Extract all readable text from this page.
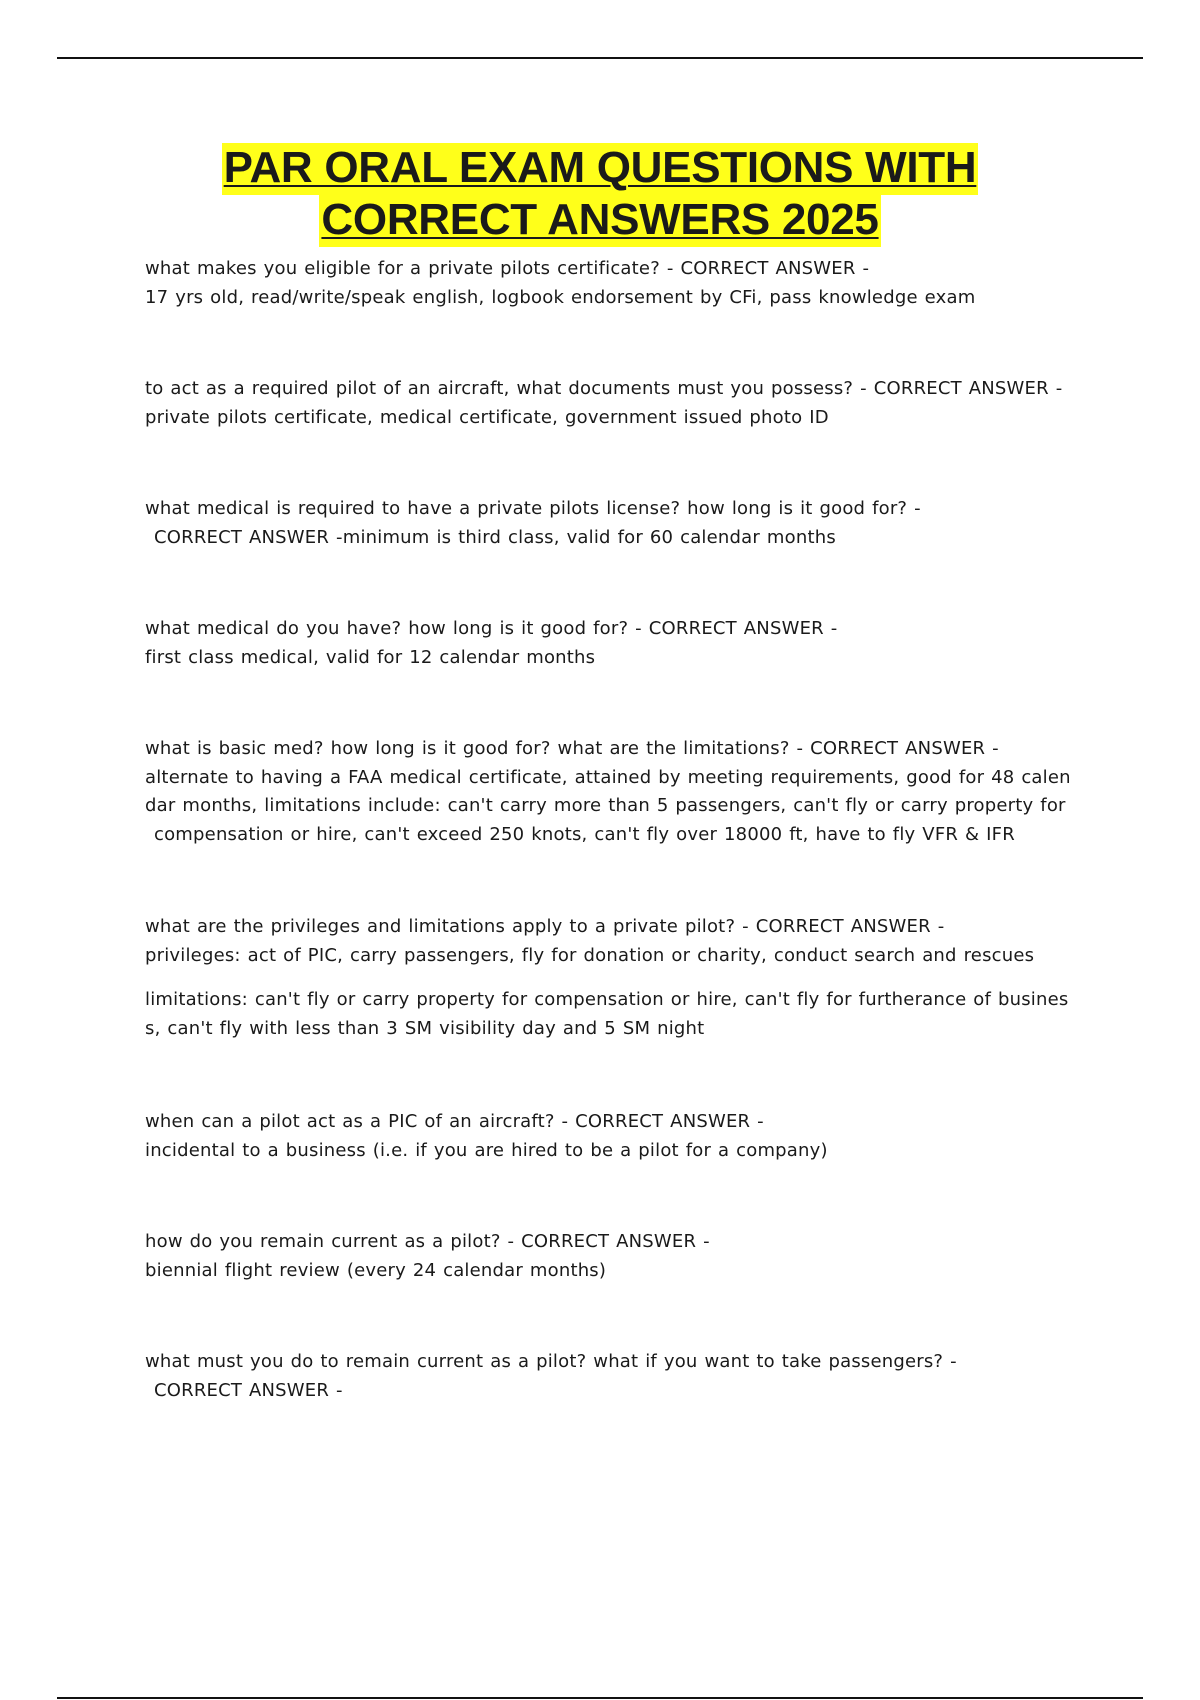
PAR ORAL EXAM QUESTIONS WITH
CORRECT ANSWERS 2025

what makes you eligible for a private pilots certificate? - CORRECT ANSWER -

17 yrs old, read/write/speak english, logbook endorsement by CFi, pass knowledge exam

to act as a required pilot of an aircraft, what documents must you possess? - CORRECT ANSWER -

private pilots certificate, medical certificate, government issued photo ID

what medical is required to have a private pilots license? how long is it good for? -

CORRECT ANSWER -minimum is third class, valid for 60 calendar months

what medical do you have? how long is it good for? - CORRECT ANSWER -

first class medical, valid for 12 calendar months

what is basic med? how long is it good for? what are the limitations? - CORRECT ANSWER -

alternate to having a FAA medical certificate, attained by meeting requirements, good for 48 calen

dar months, limitations include: can't carry more than 5 passengers, can't fly or carry property for

compensation or hire, can't exceed 250 knots, can't fly over 18000 ft, have to fly VFR & IFR

what are the privileges and limitations apply to a private pilot? - CORRECT ANSWER -

privileges: act of PIC, carry passengers, fly for donation or charity, conduct search and rescues

limitations: can't fly or carry property for compensation or hire, can't fly for furtherance of busines

s, can't fly with less than 3 SM visibility day and 5 SM night

when can a pilot act as a PIC of an aircraft? - CORRECT ANSWER -

incidental to a business (i.e. if you are hired to be a pilot for a company)

how do you remain current as a pilot? - CORRECT ANSWER -

biennial flight review (every 24 calendar months)

what must you do to remain current as a pilot? what if you want to take passengers? -

CORRECT ANSWER -
